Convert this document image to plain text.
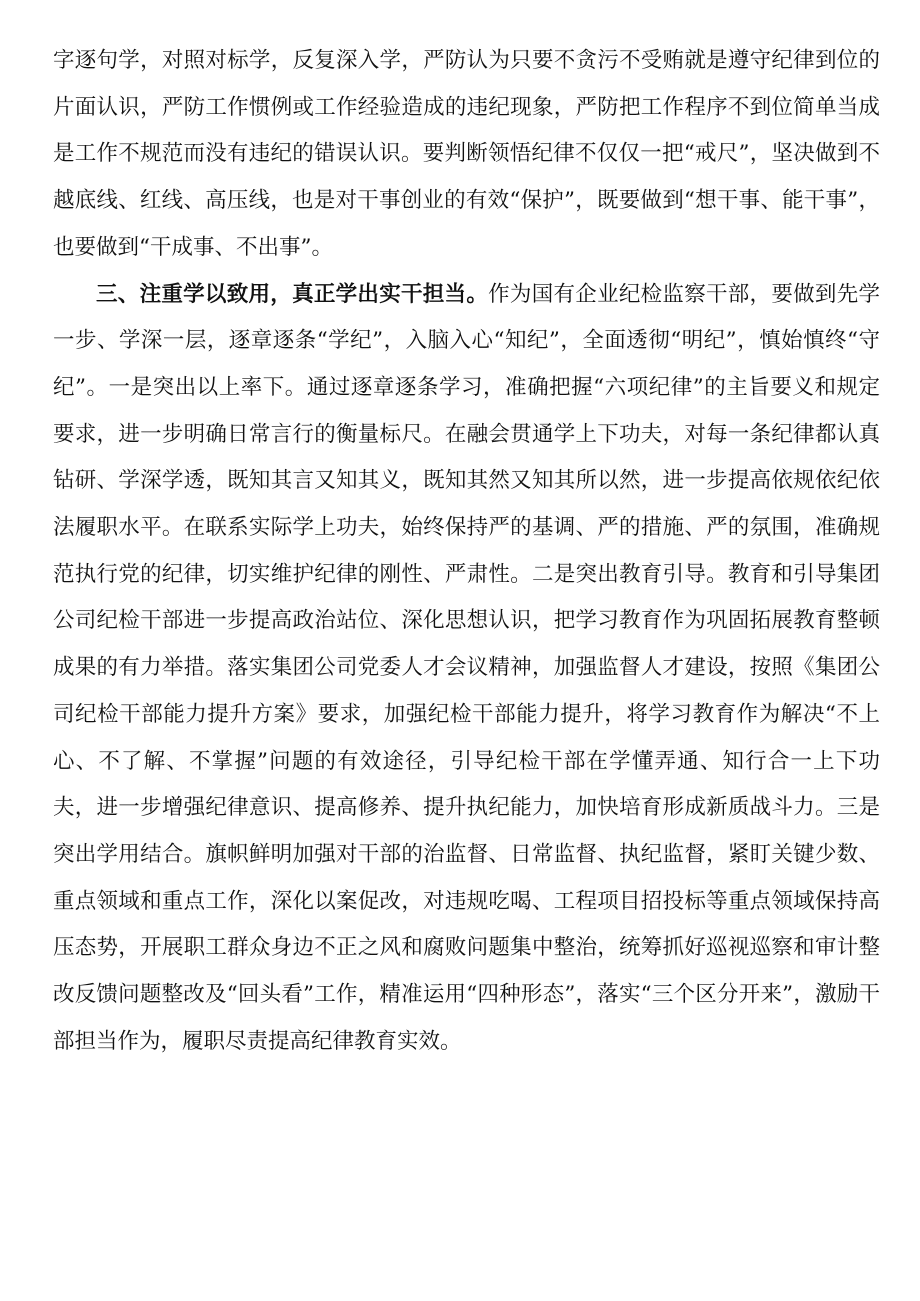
字逐句学，对照对标学，反复深入学，严防认为只要不贪污不受贿就是遵守纪律到位的片面认识，严防工作惯例或工作经验造成的违纪现象，严防把工作程序不到位简单当成是工作不规范而没有违纪的错误认识。要判断领悟纪律不仅仅一把“戒尺”，坚决做到不越底线、红线、高压线，也是对干事创业的有效“保护”，既要做到“想干事、能干事”，也要做到“干成事、不出事”。

三、注重学以致用，真正学出实干担当。作为国有企业纪检监察干部，要做到先学一步、学深一层，逐章逐条“学纪”，入脑入心“知纪”，全面透彻“明纪”，慎始慎终“守纪”。一是突出以上率下。通过逐章逐条学习，准确把握“六项纪律”的主旨要义和规定要求，进一步明确日常言行的衡量标尺。在融会贯通学上下功夫，对每一条纪律都认真钻研、学深学透，既知其言又知其义，既知其然又知其所以然，进一步提高依规依纪依法履职水平。在联系实际学上功夫，始终保持严的基调、严的措施、严的氛围，准确规范执行党的纪律，切实维护纪律的刚性、严肃性。二是突出教育引导。教育和引导集团公司纪检干部进一步提高政治站位、深化思想认识，把学习教育作为巩固拓展教育整顿成果的有力举措。落实集团公司党委人才会议精神，加强监督人才建设，按照《集团公司纪检干部能力提升方案》要求，加强纪检干部能力提升，将学习教育作为解决“不上心、不了解、不掌握”问题的有效途径，引导纪检干部在学懂弄通、知行合一上下功夫，进一步增强纪律意识、提高修养、提升执纪能力，加快培育形成新质战斗力。三是突出学用结合。旗帜鲜明加强对干部的治监督、日常监督、执纪监督，紧盯关键少数、重点领域和重点工作，深化以案促改，对违规吃喝、工程项目招投标等重点领域保持高压态势，开展职工群众身边不正之风和腐败问题集中整治，统筹抓好巡视巡察和审计整改反馈问题整改及“回头看”工作，精准运用“四种形态”，落实“三个区分开来”，激励干部担当作为，履职尽责提高纪律教育实效。
